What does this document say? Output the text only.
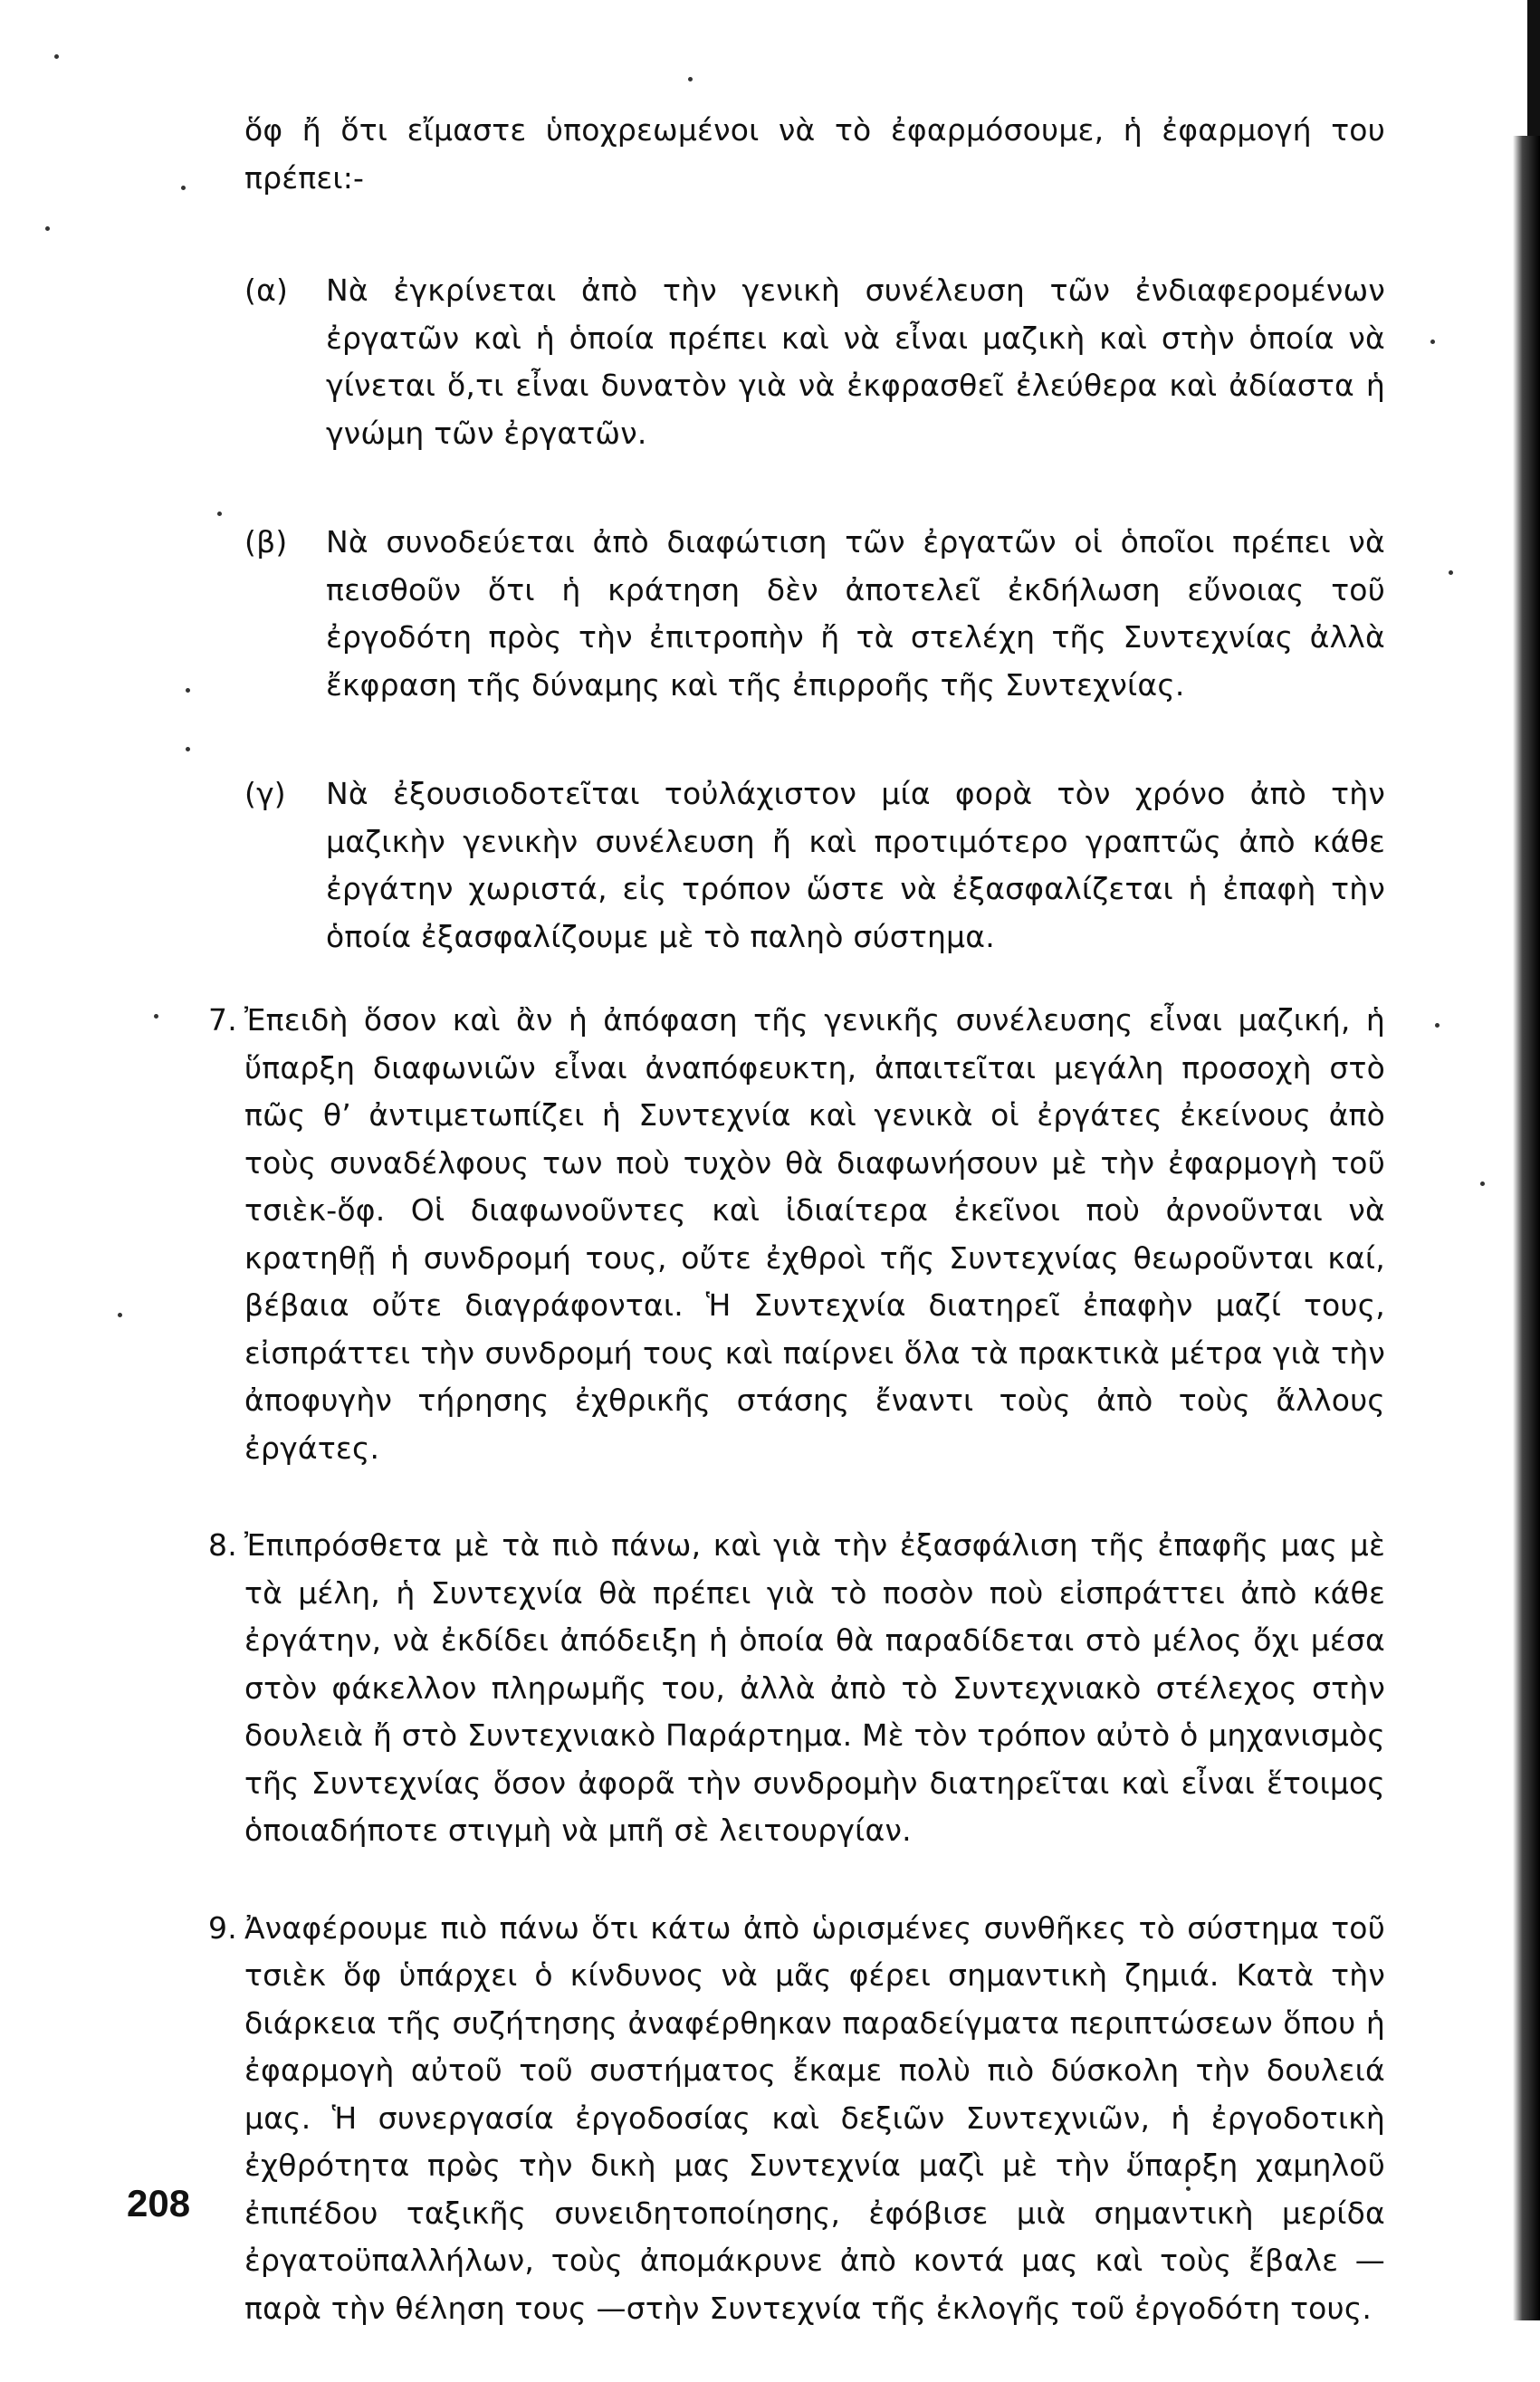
ὅφ ἤ ὅτι εἴμαστε ὑποχρεωμένοι νὰ τὸ ἐφαρμόσουμε, ἡ ἐφαρμογή του πρέπει:-

(α)	Νὰ ἐγκρίνεται ἀπὸ τὴν γενικὴ συνέλευση τῶν ἐνδιαφερομένων ἐργατῶν καὶ ἡ ὁποία πρέπει καὶ νὰ εἶναι μαζικὴ καὶ στὴν ὁποία νὰ γίνεται ὅ,τι εἶναι δυνατὸν γιὰ νὰ ἐκφρασθεῖ ἐλεύθερα καὶ ἀδίαστα ἡ γνώμη τῶν ἐργατῶν.
(β)	Νὰ συνοδεύεται ἀπὸ διαφώτιση τῶν ἐργατῶν οἱ ὁποῖοι πρέπει νὰ πεισθοῦν ὅτι ἡ κράτηση δὲν ἀποτελεῖ ἐκδήλωση εὔνοιας τοῦ ἐργοδότη πρὸς τὴν ἐπιτροπὴν ἤ τὰ στελέχη τῆς Συντεχνίας ἀλλὰ ἔκφραση τῆς δύναμης καὶ τῆς ἐπιρροῆς τῆς Συντεχνίας.
(γ)	Νὰ ἐξουσιοδοτεῖται τοὐλάχιστον μία φορὰ τὸν χρόνο ἀπὸ τὴν μαζικὴν γενικὴν συνέλευση ἤ καὶ προτιμότερο γραπτῶς ἀπὸ κάθε ἐργάτην χωριστά, εἰς τρόπον ὥστε νὰ ἐξασφαλίζεται ἡ ἐπαφὴ τὴν ὁποία ἐξασφαλίζουμε μὲ τὸ παληὸ σύστημα.
7. Ἐπειδὴ ὅσον καὶ ἂν ἡ ἀπόφαση τῆς γενικῆς συνέλευσης εἶναι μαζική, ἡ ὕπαρξη διαφωνιῶν εἶναι ἀναπόφευκτη, ἀπαιτεῖται μεγάλη προσοχὴ στὸ πῶς θ’ ἀντιμετωπίζει ἡ Συντεχνία καὶ γενικὰ οἱ ἐργάτες ἐκείνους ἀπὸ τοὺς συναδέλφους των ποὺ τυχὸν θὰ διαφωνήσουν μὲ τὴν ἐφαρμογὴ τοῦ τσιὲκ-ὅφ. Οἱ διαφωνοῦντες καὶ ἰδιαίτερα ἐκεῖνοι ποὺ ἀρνοῦνται νὰ κρατηθῇ ἡ συνδρομή τους, οὔτε ἐχθροὶ τῆς Συντεχνίας θεωροῦνται καί, βέβαια οὔτε διαγράφονται. Ἡ Συντεχνία διατηρεῖ ἐπαφὴν μαζί τους, εἰσπράττει τὴν συνδρομή τους καὶ παίρνει ὅλα τὰ πρακτικὰ μέτρα γιὰ τὴν ἀποφυγὴν τήρησης ἐχθρικῆς στάσης ἔναντι τοὺς ἀπὸ τοὺς ἄλλους ἐργάτες.
8. Ἐπιπρόσθετα μὲ τὰ πιὸ πάνω, καὶ γιὰ τὴν ἐξασφάλιση τῆς ἐπαφῆς μας μὲ τὰ μέλη, ἡ Συντεχνία θὰ πρέπει γιὰ τὸ ποσὸν ποὺ εἰσπράττει ἀπὸ κάθε ἐργάτην, νὰ ἐκδίδει ἀπόδειξη ἡ ὁποία θὰ παραδίδεται στὸ μέλος ὄχι μέσα στὸν φάκελλον πληρωμῆς του, ἀλλὰ ἀπὸ τὸ Συντεχνιακὸ στέλεχος στὴν δουλειὰ ἤ στὸ Συντεχνιακὸ Παράρτημα. Μὲ τὸν τρόπον αὐτὸ ὁ μηχανισμὸς τῆς Συντεχνίας ὅσον ἀφορᾶ τὴν συνδρομὴν διατηρεῖται καὶ εἶναι ἕτοιμος ὁποιαδήποτε στιγμὴ νὰ μπῆ σὲ λειτουργίαν.
9. Ἀναφέρουμε πιὸ πάνω ὅτι κάτω ἀπὸ ὡρισμένες συνθῆκες τὸ σύστημα τοῦ τσιὲκ ὅφ ὑπάρχει ὁ κίνδυνος νὰ μᾶς φέρει σημαντικὴ ζημιά. Κατὰ τὴν διάρκεια τῆς συζήτησης ἀναφέρθηκαν παραδείγματα περιπτώσεων ὅπου ἡ ἐφαρμογὴ αὐτοῦ τοῦ συστήματος ἔκαμε πολὺ πιὸ δύσκολη τὴν δουλειά μας. Ἡ συνεργασία ἐργοδοσίας καὶ δεξιῶν Συντεχνιῶν, ἡ ἐργοδοτικὴ ἐχθρότητα πρὸς τὴν δικὴ μας Συντεχνία μαζὶ μὲ τὴν ὕπαρξη χαμηλοῦ ἐπιπέδου ταξικῆς συνειδητοποίησης, ἐφόβισε μιὰ σημαντικὴ μερίδα ἐργατοϋπαλλήλων, τοὺς ἀπομάκρυνε ἀπὸ κοντά μας καὶ τοὺς ἔβαλε — παρὰ τὴν θέληση τους —στὴν Συντεχνία τῆς ἐκλογῆς τοῦ ἐργοδότη τους.
208
